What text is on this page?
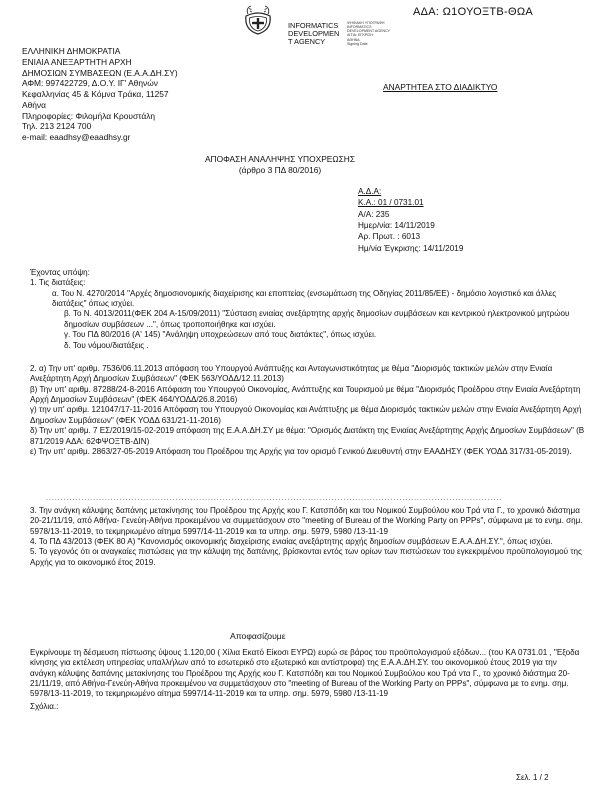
ΑΔΑ: Ω1ΟΥΟΞΤΒ-ΘΩΑ
INFORMATICS
DEVELOPMEN
T AGENCY
ΨΗΦΙΑΚΗ ΥΠΟΓΡΑΦΗ
INFORMATICS
DEVELOPMENT AGENCY
ΑΙΤΙΑ: ΕΓΚΡΙΣΗ
ΑΘΗΝΑ
Signing Date
ΕΛΛΗΝΙΚΗ ΔΗΜΟΚΡΑΤΙΑ
ΕΝΙΑΙΑ ΑΝΕΞΑΡΤΗΤΗ ΑΡΧΗ
ΔΗΜΟΣΙΩΝ ΣΥΜΒΑΣΕΩΝ (Ε.Α.Α.ΔΗ.ΣΥ)
ΑΦΜ: 997422729, Δ.Ο.Υ. ΙΓ' Αθηνών
Κεφαλληνίας 45 & Κόμνα Τράκα, 11257
Αθήνα
Πληροφορίες: Φιλομήλα Κρουστάλη
Τηλ. 213 2124 700
e-mail: eaadhsy@eaadhsy.gr
ΑΝΑΡΤΗΤΕΑ ΣΤΟ ΔΙΑΔΙΚΤΥΟ
ΑΠΟΦΑΣΗ ΑΝΑΛΗΨΗΣ ΥΠΟΧΡΕΩΣΗΣ
(άρθρο 3 ΠΔ 80/2016)
Α.Δ.Α:
Κ.Α.: 01 / 0731.01
Α/Α: 235
Ημερ/νία: 14/11/2019
Αρ. Πρωτ. : 6013
Ημ/νία Έγκρισης: 14/11/2019

Έχοντας υπόψη:

1. Τις διατάξεις:

α. Του Ν. 4270/2014 "Αρχές δημοσιονομικής διαχείρισης και εποπτείας (ενσωμάτωση της Οδηγίας 2011/85/ΕΕ) - δημόσιο λογιστικό και άλλες διατάξεις" όπως ισχύει.

β. Το Ν. 4013/2011(ΦΕΚ 204 Α-15/09/2011) "Σύσταση ενιαίας ανεξάρτητης αρχής δημοσίων συμβάσεων και κεντρικού ηλεκτρονικού μητρώου δημοσίων συμβάσεων ...", όπως τροποποιήθηκε και ισχύει.

γ. Του ΠΔ 80/2016 (Α' 145) "Ανάληψη υποχρεώσεων από τους διατάκτες", όπως ισχύει.

δ. Του νόμου/διατάξεις .

2. α) Την υπ' αριθμ. 7536/06.11.2013 απόφαση του Υπουργού Ανάπτυξης και Ανταγωνιστικότητας με θέμα "Διορισμός τακτικών μελών στην Ενιαία Ανεξάρτητη Αρχή Δημοσίων Συμβάσεων" (ΦΕΚ 563/ΥΟΔΔ/12.11.2013)

β) Την υπ' αριθμ. 87288/24-8-2016 Απόφαση του Υπουργού Οικονομίας, Ανάπτυξης και Τουρισμού με θέμα "Διορισμός Προέδρου στην Ενιαία Ανεξάρτητη Αρχή Δημοσίων Συμβάσεων" (ΦΕΚ 464/ΥΟΔΔ/26.8.2016)

γ) την υπ' αριθμ. 121047/17-11-2016 Απόφαση του Υπουργού Οικονομίας και Ανάπτυξης με θέμα Διορισμός τακτικών μελών στην Ενιαία Ανεξάρτητη Αρχή Δημοσίων Συμβάσεων" (ΦΕΚ ΥΟΔΔ 631/21-11-2016)

δ) Την υπ' αριθμ. 7 ΕΣ/2019/15-02-2019 απόφαση της Ε.Α.Α.ΔΗ.ΣΥ με θέμα: "Ορισμός Διατάκτη της Ενιαίας Ανεξάρτητης Αρχής Δημοσίων Συμβάσεων" (Β 871/2019 ΑΔΑ: 62ΦΨΟΞΤΒ-ΔΙΝ)

ε) Την υπ' αριθμ. 2863/27-05-2019 Απόφαση του Προέδρου της Αρχής για τον ορισμό Γενικού Διευθυντή στην ΕΑΑΔΗΣΥ (ΦΕΚ ΥΟΔΔ 317/31-05-2019).

...........................................................................................................................................................

3. Την ανάγκη κάλυψης δαπάνης μετακίνησης του Προέδρου της Αρχής κου Γ. Κατσπόδη και του Νομικού Συμβούλου κου Τρά ντα Γ., το χρονικό διάστημα 20-21/11/19, από Αθήνα- Γενεύη-Αθήνα προκειμένου να συμμετάσχουν στο "meeting of Bureau of the Working Party on PPPs", σύμφωνα με το ενημ. σημ. 5978/13-11-2019, το τεκμηριωμένο αίτημα 5997/14-11-2019 και τα υπηρ. σημ. 5979, 5980 /13-11-19

4. Το ΠΔ 43/2013 (ΦΕΚ 80 Α) "Κανονισμός οικονομικής διαχείρισης ενιαίας ανεξάρτητης αρχής δημοσίων συμβάσεων Ε.Α.Α.ΔΗ.ΣΥ.", όπως ισχύει.

5. Το γεγονός ότι οι αναγκαίες πιστώσεις για την κάλυψη της δαπάνης, βρίσκονται εντός των ορίων των πιστώσεων του εγκεκριμένου προϋπολογισμού της Αρχής για το οικονομικό έτος 2019.

Αποφασίζουμε

Εγκρίνουμε τη δέσμευση πίστωσης ύψους 1.120,00 ( Χίλια Εκατό Είκοσι ΕΥΡΩ) ευρώ σε βάρος του προϋπολογισμού εξόδων... (του ΚΑ 0731.01 , "Εξοδα κίνησης για εκτέλεση υπηρεσίας υπαλλήλων από το εσωτερικό στο εξωτερικό και αντίστροφα) της Ε.Α.Α.ΔΗ.ΣΥ. του οικονομικού έτους 2019 για την ανάγκη κάλυψης δαπάνης μετακίνησης του Προέδρου της Αρχής κου Γ. Κατσπόδη και του Νομικού Συμβούλου κου Τρά ντα Γ., το χρονικό διάστημα 20-21/11/19, από Αθήνα-Γενεύη-Αθήνα προκειμένου να συμμετάσχουν στο "meeting of Bureau of the Working Party on PPPs", σύμφωνα με το ενημ. σημ. 5978/13-11-2019, το τεκμηριωμένο αίτημα 5997/14-11-2019 και τα υπηρ. σημ. 5979, 5980 /13-11-19

Σχόλια.:

Σελ. 1 / 2
